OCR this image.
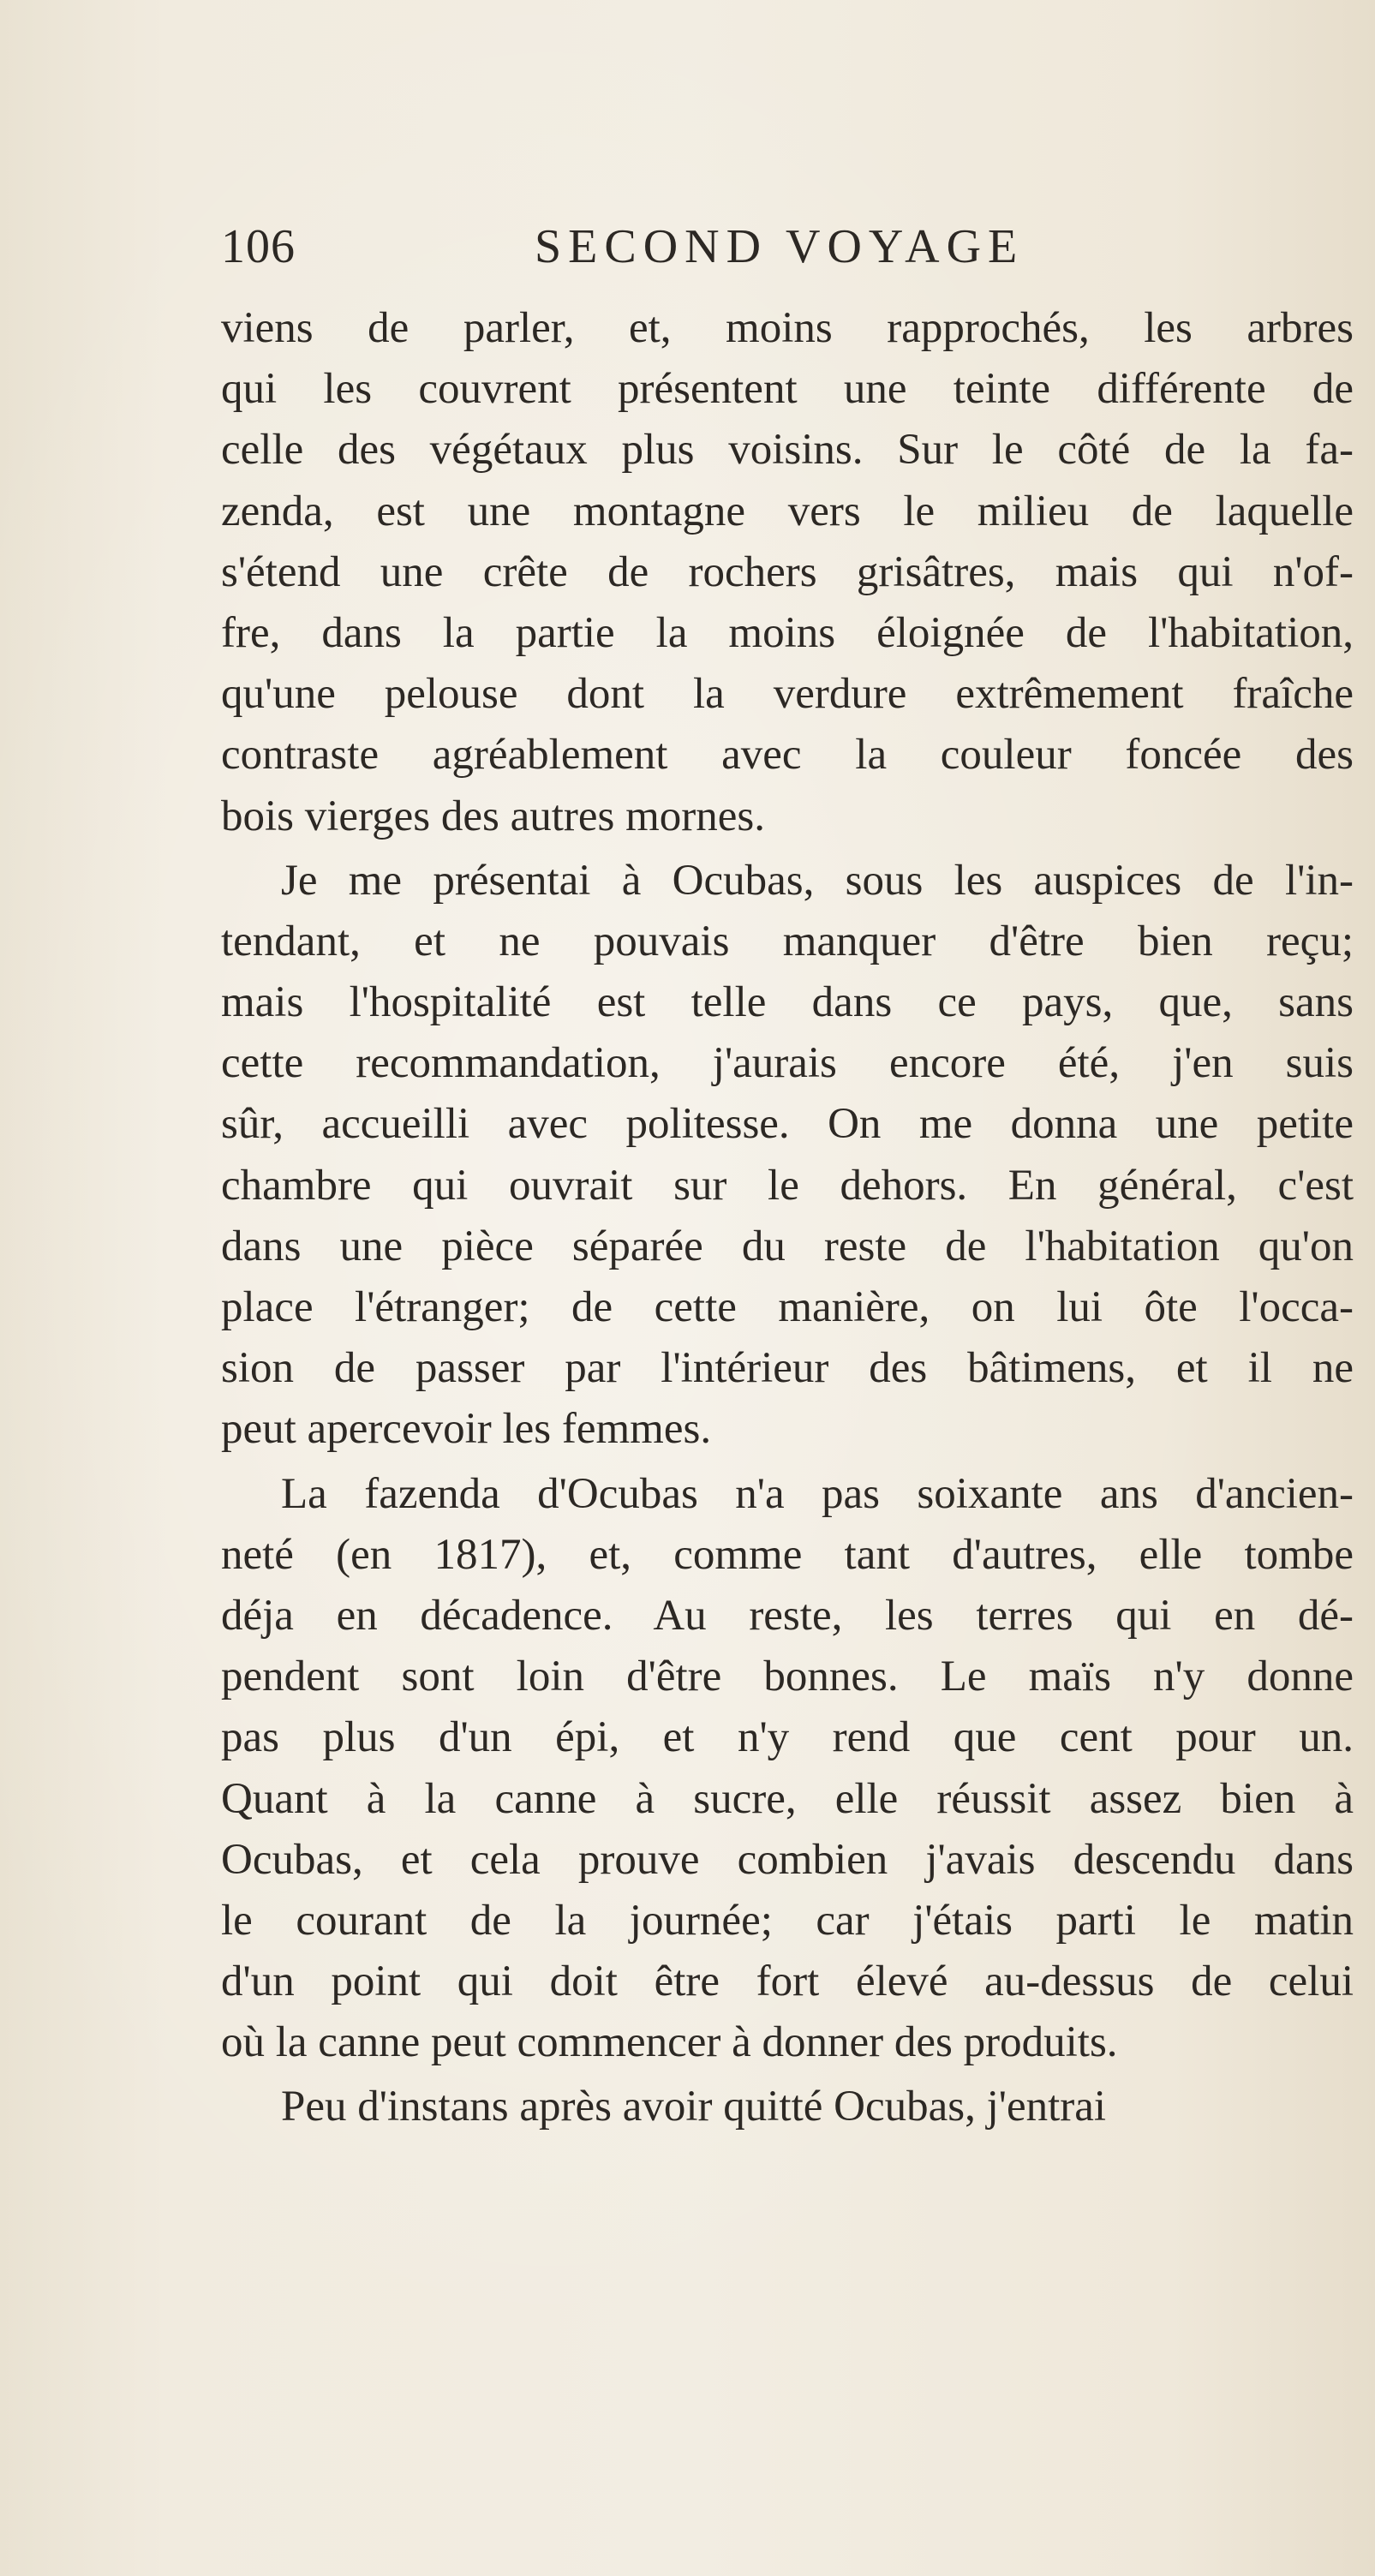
106	SECOND VOYAGE
viens de parler, et, moins rapprochés, les arbres
qui les couvrent présentent une teinte différente de
celle des végétaux plus voisins. Sur le côté de la fa-
zenda, est une montagne vers le milieu de laquelle
s'étend une crête de rochers grisâtres, mais qui n'of-
fre, dans la partie la moins éloignée de l'habitation,
qu'une pelouse dont la verdure extrêmement fraîche
contraste agréablement avec la couleur foncée des
bois vierges des autres mornes.
Je me présentai à Ocubas, sous les auspices de l'in-
tendant, et ne pouvais manquer d'être bien reçu;
mais l'hospitalité est telle dans ce pays, que, sans
cette recommandation, j'aurais encore été, j'en suis
sûr, accueilli avec politesse. On me donna une petite
chambre qui ouvrait sur le dehors. En général, c'est
dans une pièce séparée du reste de l'habitation qu'on
place l'étranger; de cette manière, on lui ôte l'occa-
sion de passer par l'intérieur des bâtimens, et il ne
peut apercevoir les femmes.
La fazenda d'Ocubas n'a pas soixante ans d'ancien-
neté (en 1817), et, comme tant d'autres, elle tombe
déja en décadence. Au reste, les terres qui en dé-
pendent sont loin d'être bonnes. Le maïs n'y donne
pas plus d'un épi, et n'y rend que cent pour un.
Quant à la canne à sucre, elle réussit assez bien à
Ocubas, et cela prouve combien j'avais descendu dans
le courant de la journée; car j'étais parti le matin
d'un point qui doit être fort élevé au-dessus de celui
où la canne peut commencer à donner des produits.
Peu d'instans après avoir quitté Ocubas, j'entrai
